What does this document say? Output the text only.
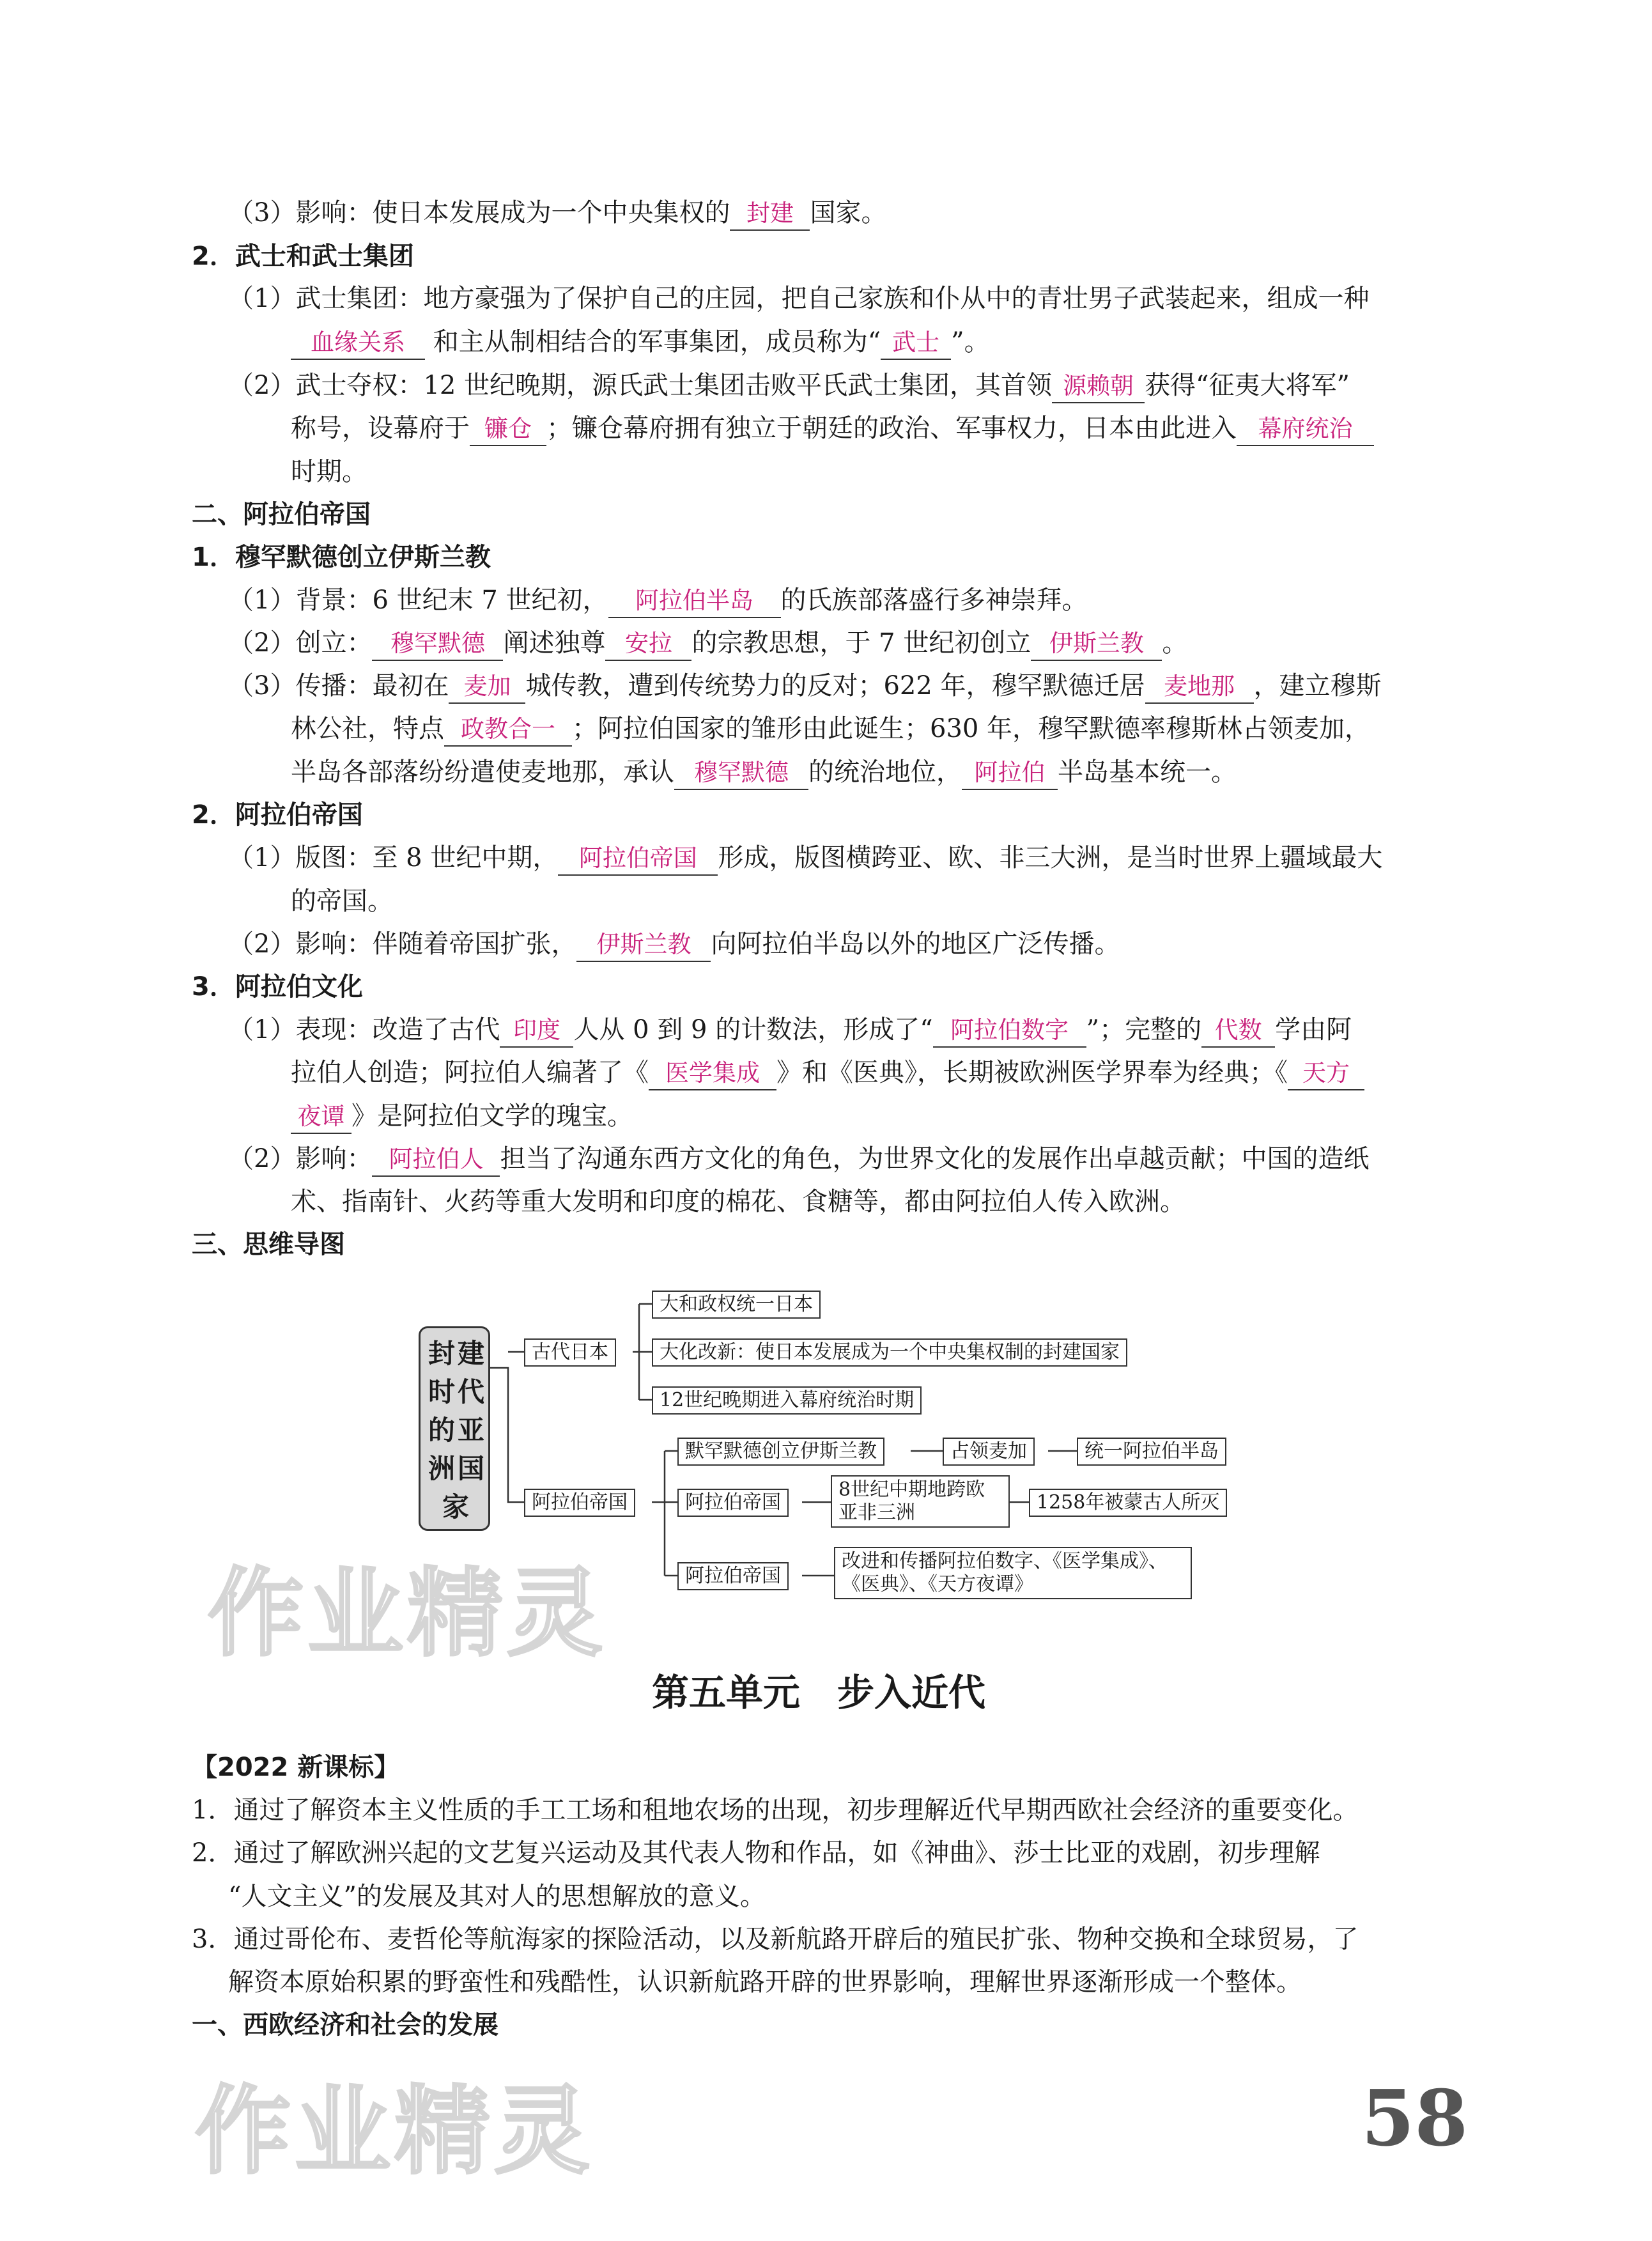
（3）影响：使日本发展成为一个中央集权的 封建 国家。
2．武士和武士集团
（1）武士集团：地方豪强为了保护自己的庄园，把自己家族和仆从中的青壮男子武装起来，组成一种
血缘关系 和主从制相结合的军事集团，成员称为“ 武士 ”。
（2）武士夺权：12 世纪晚期，源氏武士集团击败平氏武士集团，其首领 源赖朝 获得“征夷大将军”
称号，设幕府于 镰仓 ；镰仓幕府拥有独立于朝廷的政治、军事权力，日本由此进入 幕府统治
时期。
二、阿拉伯帝国
1．穆罕默德创立伊斯兰教
（1）背景：6 世纪末 7 世纪初， 阿拉伯半岛 的氏族部落盛行多神崇拜。
（2）创立： 穆罕默德 阐述独尊 安拉 的宗教思想，于 7 世纪初创立 伊斯兰教 。
（3）传播：最初在 麦加 城传教，遭到传统势力的反对；622 年，穆罕默德迁居 麦地那 ，建立穆斯
林公社，特点 政教合一 ；阿拉伯国家的雏形由此诞生；630 年，穆罕默德率穆斯林占领麦加，
半岛各部落纷纷遣使麦地那，承认 穆罕默德 的统治地位， 阿拉伯 半岛基本统一。
2．阿拉伯帝国
（1）版图：至 8 世纪中期， 阿拉伯帝国 形成，版图横跨亚、欧、非三大洲，是当时世界上疆域最大
的帝国。
（2）影响：伴随着帝国扩张， 伊斯兰教 向阿拉伯半岛以外的地区广泛传播。
3．阿拉伯文化
（1）表现：改造了古代 印度 人从 0 到 9 的计数法，形成了“ 阿拉伯数字 ”；完整的 代数 学由阿
拉伯人创造；阿拉伯人编著了《 医学集成 》和《医典》，长期被欧洲医学界奉为经典；《 天方
夜谭 》是阿拉伯文学的瑰宝。
（2）影响： 阿拉伯人 担当了沟通东西方文化的角色，为世界文化的发展作出卓越贡献；中国的造纸
术、指南针、火药等重大发明和印度的棉花、食糖等，都由阿拉伯人传入欧洲。
三、思维导图
封
时
的
洲
建
代
亚
国
家
古代日本
大和政权统一日本
大化改新：使日本发展成为一个中央集权制的封建国家
12世纪晚期进入幕府统治时期
阿拉伯帝国
默罕默德创立伊斯兰教	占领麦加	统一阿拉伯半岛
阿拉伯帝国
8世纪中期地跨欧亚非三洲	1258年被蒙古人所灭
阿拉伯帝国
改进和传播阿拉伯数字、《医学集成》、《医典》、《天方夜谭》
作业精灵
作业精灵
第五单元　步入近代
【2022 新课标】
1．通过了解资本主义性质的手工工场和租地农场的出现，初步理解近代早期西欧社会经济的重要变化。
2．通过了解欧洲兴起的文艺复兴运动及其代表人物和作品，如《神曲》、莎士比亚的戏剧，初步理解
“人文主义”的发展及其对人的思想解放的意义。
3．通过哥伦布、麦哲伦等航海家的探险活动，以及新航路开辟后的殖民扩张、物种交换和全球贸易，了
解资本原始积累的野蛮性和残酷性，认识新航路开辟的世界影响，理解世界逐渐形成一个整体。
一、西欧经济和社会的发展
58
